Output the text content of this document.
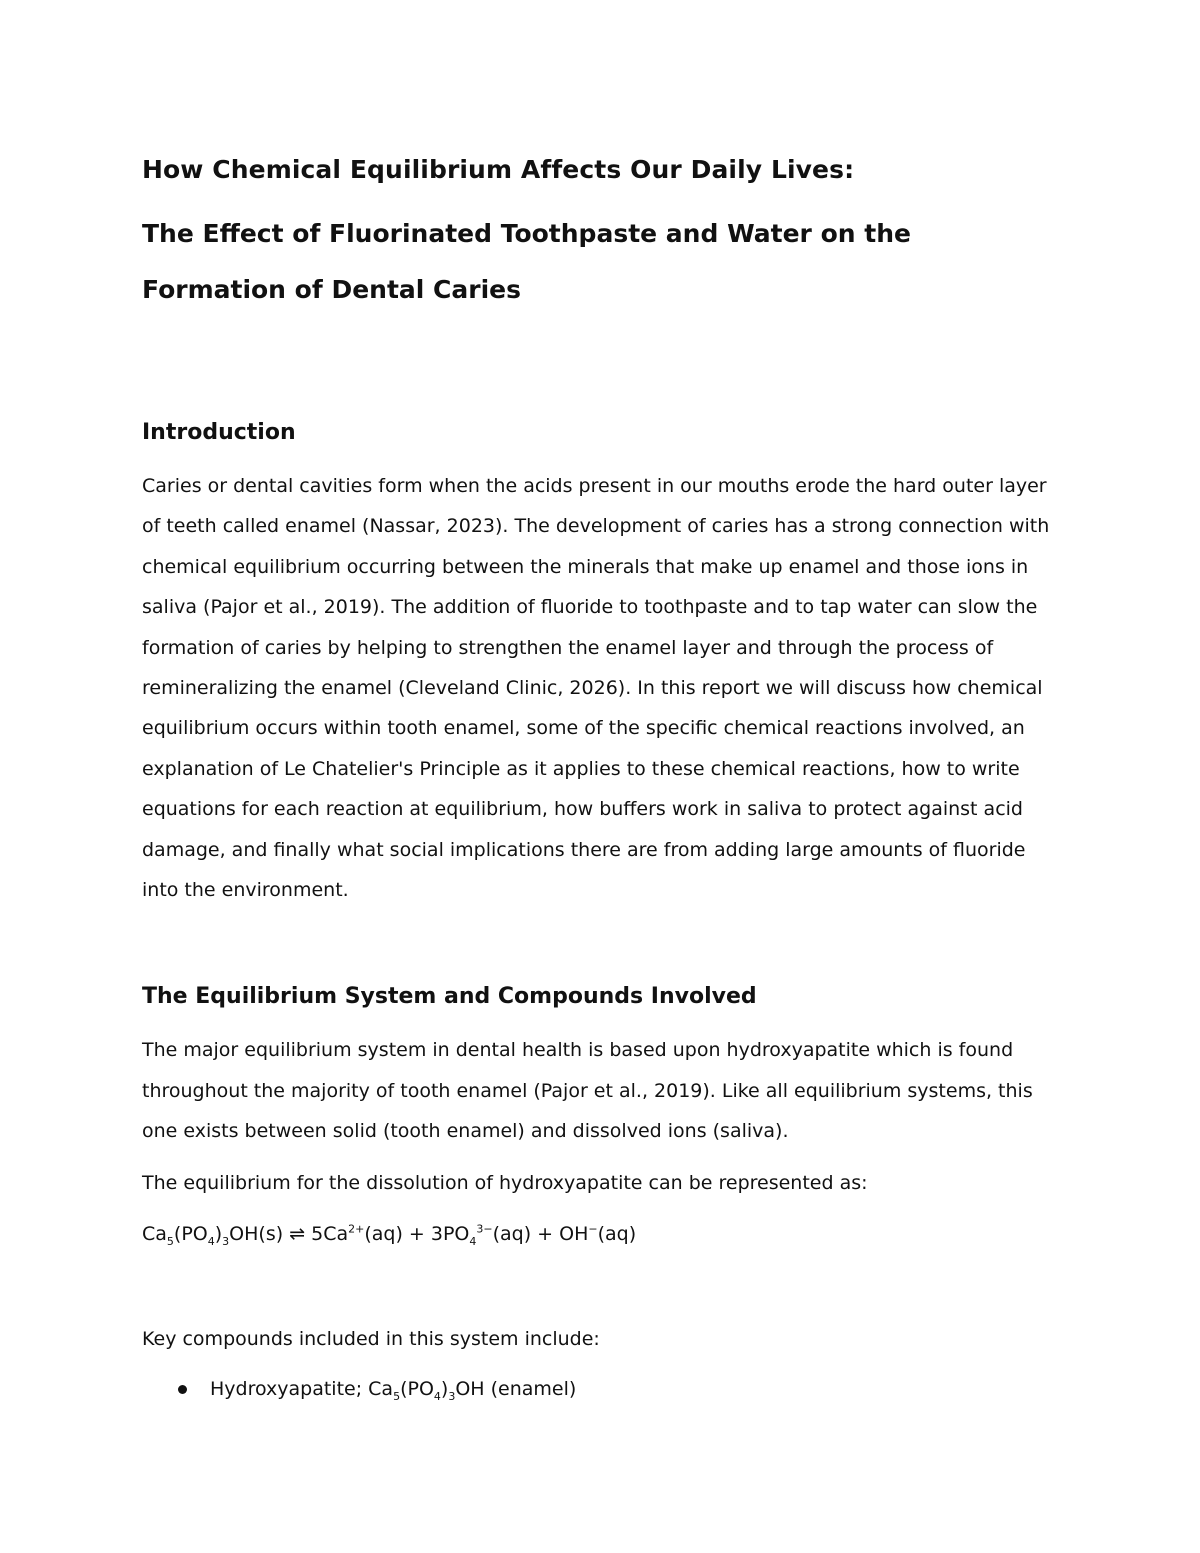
How Chemical Equilibrium Affects Our Daily Lives:
The Effect of Fluorinated Toothpaste and Water on the
Formation of Dental Caries
Introduction

Caries or dental cavities form when the acids present in our mouths erode the hard outer layer of teeth called enamel (Nassar, 2023). The development of caries has a strong connection with chemical equilibrium occurring between the minerals that make up enamel and those ions in saliva (Pajor et al., 2019). The addition of fluoride to toothpaste and to tap water can slow the formation of caries by helping to strengthen the enamel layer and through the process of remineralizing the enamel (Cleveland Clinic, 2026). In this report we will discuss how chemical equilibrium occurs within tooth enamel, some of the specific chemical reactions involved, an explanation of Le Chatelier's Principle as it applies to these chemical reactions, how to write equations for each reaction at equilibrium, how buffers work in saliva to protect against acid damage, and finally what social implications there are from adding large amounts of fluoride into the environment.

The Equilibrium System and Compounds Involved

The major equilibrium system in dental health is based upon hydroxyapatite which is found throughout the majority of tooth enamel (Pajor et al., 2019). Like all equilibrium systems, this one exists between solid (tooth enamel) and dissolved ions (saliva).

The equilibrium for the dissolution of hydroxyapatite can be represented as:

$Ca_5(PO_4)_3OH(s)$ ⇌ $5Ca^{2+}(aq) + 3PO_4^{3-}(aq) + OH^-(aq)$

Key compounds included in this system include:

Hydroxyapatite; $Ca_5(PO_4)_3OH$ (enamel)
